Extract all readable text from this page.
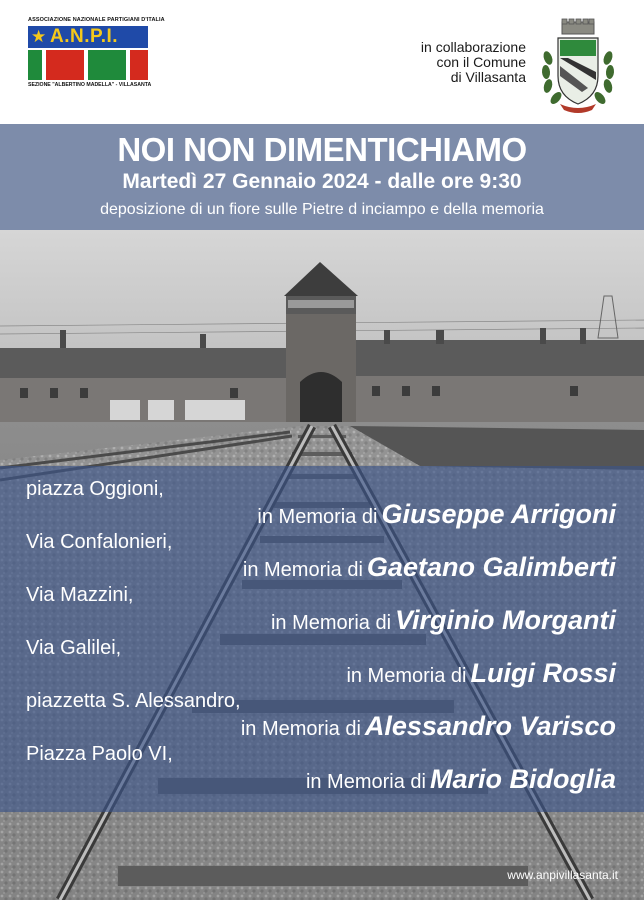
ASSOCIAZIONE NAZIONALE PARTIGIANI D'ITALIA
★ A.N.P.I.
SEZIONE "ALBERTINO MADELLA" - VILLASANTA
in collaborazione
con il Comune
di Villasanta
NOI NON DIMENTICHIAMO
Martedì 27 Gennaio 2024 - dalle ore 9:30
deposizione di un fiore sulle Pietre d inciampo e della memoria
piazza Oggioni,
in Memoria di Giuseppe Arrigoni
Via Confalonieri,
in Memoria di Gaetano Galimberti
Via Mazzini,
in Memoria di Virginio Morganti
Via Galilei,
in Memoria di Luigi Rossi
piazzetta S. Alessandro,
in Memoria di Alessandro Varisco
Piazza Paolo VI,
in Memoria di Mario Bidoglia
www.anpivillasanta.it
